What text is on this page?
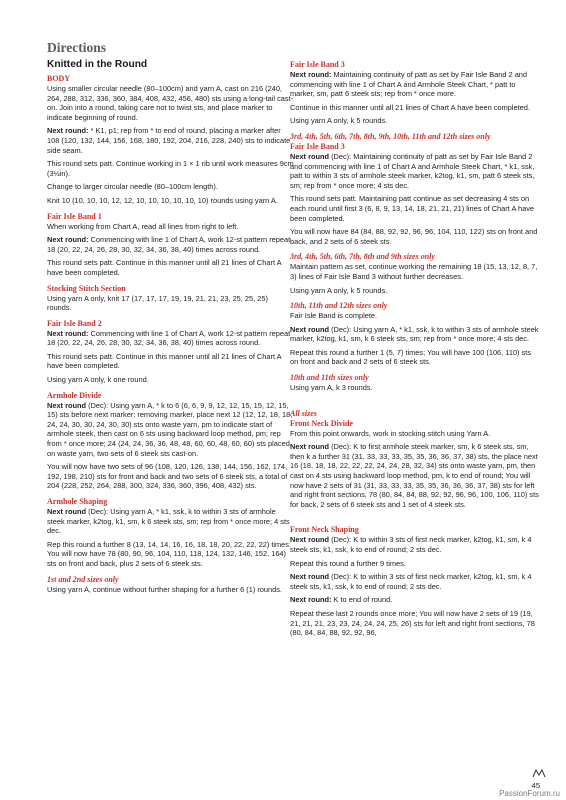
Directions
Knitted in the Round
BODY
Using smaller circular needle (80–100cm) and yarn A, cast on 216 (240, 264, 288, 312, 336, 360, 384, 408, 432, 456, 480) sts using a long-tail cast-on. Join into a round, taking care not to twist sts, and place marker to indicate beginning of round.
Next round: * K1, p1; rep from * to end of round, placing a marker after 108 (120, 132, 144, 156, 168, 180, 192, 204, 216, 228, 240) sts to indicate side seam.
This round sets patt. Continue working in 1 × 1 rib until work measures 9cm (3½in).
Change to larger circular needle (80–100cm length).
Knit 10 (10, 10, 10, 12, 12, 10, 10, 10, 10, 10, 10) rounds using yarn A.
Fair Isle Band 1
When working from Chart A, read all lines from right to left.
Next round: Commencing with line 1 of Chart A, work 12-st pattern repeat 18 (20, 22, 24, 26, 28, 30, 32, 34, 36, 38, 40) times across round.
This round sets patt. Continue in this manner until all 21 lines of Chart A have been completed.
Stocking Stitch Section
Using yarn A only, knit 17 (17, 17, 17, 19, 19, 21, 21, 23, 25, 25, 25) rounds.
Fair Isle Band 2
Next round: Commencing with line 1 of Chart A, work 12-st pattern repeat 18 (20, 22, 24, 26, 28, 30, 32, 34, 36, 38, 40) times across round.
This round sets patt. Continue in this manner until all 21 lines of Chart A have been completed.
Using yarn A only, k one round.
Armhole Divide
Next round (Dec): Using yarn A, * k to 6 (6, 6, 9, 9, 12, 12, 15, 15, 12, 15, 15) sts before next marker; removing marker, place next 12 (12, 12, 18, 18, 24, 24, 30, 30, 24, 30, 30) sts onto waste yarn, pm to indicate start of armhole steek, then cast on 6 sts using backward loop method, pm; rep from * once more; 24 (24, 24, 36, 36, 48, 48, 60, 60, 48, 60, 60) sts placed on waste yarn, two sets of 6 steek sts cast-on.
You will now have two sets of 96 (108, 120, 126, 138, 144, 156, 162, 174, 192, 198, 210) sts for front and back and two sets of 6 steek sts, a total of 204 (228, 252, 264, 288, 300, 324, 336, 360, 396, 408, 432) sts.
Armhole Shaping
Next round (Dec): Using yarn A, * k1, ssk, k to within 3 sts of armhole steek marker, k2tog, k1, sm, k 6 steek sts, sm; rep from * once more; 4 sts dec.
Rep this round a further 8 (13, 14, 14, 16, 16, 18, 18, 20, 22, 22, 22) times. You will now have 78 (80, 90, 96, 104, 110, 118, 124, 132, 146, 152, 164) sts on front and back, plus 2 sets of 6 steek sts.
1st and 2nd sizes only
Using yarn A, continue without further shaping for a further 6 (1) rounds.
Fair Isle Band 3
Next round: Maintaining continuity of patt as set by Fair Isle Band 2 and commencing with line 1 of Chart A and Armhole Steek Chart, * patt to marker, sm, patt 6 steek sts; rep from * once more.
Continue in this manner until all 21 lines of Chart A have been completed.
Using yarn A only, k 5 rounds.
3rd, 4th, 5th, 6th, 7th, 8th, 9th, 10th, 11th and 12th sizes only
Fair Isle Band 3
Next round (Dec): Maintaining continuity of patt as set by Fair Isle Band 2 and commencing with line 1 of Chart A and Armhole Steek Chart, * k1, ssk, patt to within 3 sts of armhole steek marker, k2tog, k1, sm, patt 6 steek sts, sm; rep from * once more; 4 sts dec.
This round sets patt. Maintaining patt continue as set decreasing 4 sts on each round until first 3 (6, 8, 9, 13, 14, 18, 21, 21, 21) lines of Chart A have been completed.
You will now have 84 (84, 88, 92, 92, 96, 96, 104, 110, 122) sts on front and back, and 2 sets of 6 steek sts.
3rd, 4th, 5th, 6th, 7th, 8th and 9th sizes only
Maintain pattern as set, continue working the remaining 18 (15, 13, 12, 8, 7, 3) lines of Fair Isle Band 3 without further decreases.
Using yarn A only, k 5 rounds.
10th, 11th and 12th sizes only
Fair Isle Band is complete.
Next round (Dec): Using yarn A, * k1, ssk, k to within 3 sts of armhole steek marker, k2tog, k1, sm, k 6 steek sts, sm; rep from * once more; 4 sts dec.
Repeat this round a further 1 (5, 7) times; You will have 100 (106, 110) sts on front and back and 2 sets of 6 steek sts.
10th and 11th sizes only
Using yarn A, k 3 rounds.
All sizes
Front Neck Divide
From this point onwards, work in stocking stitch using Yarn A.
Next round (Dec): K to first armhole steek marker, sm, k 6 steek sts, sm, then k a further 31 (31, 33, 33, 33, 35, 35, 36, 36, 37, 38) sts, the place next 16 (18, 18, 18, 22, 22, 22, 24, 24, 28, 32, 34) sts onto waste yarn, pm, then cast on 4 sts using backward loop method, pm, k to end of round; You will now have 2 sets of 31 (31, 33, 33, 33, 35, 35, 36, 36, 36, 37, 38) sts for left and right front sections, 78 (80, 84, 84, 88, 92, 92, 96, 96, 100, 106, 110) sts for back, 2 sets of 6 steek sts and 1 set of 4 steek sts.
Front Neck Shaping
Next round (Dec): K to within 3 sts of first neck marker, k2tog, k1, sm, k 4 steek sts, k1, ssk, k to end of round; 2 sts dec.
Repeat this round a further 9 times.
Next round (Dec): K to within 3 sts of first neck marker, k2tog, k1, sm, k 4 steek sts, k1, ssk, k to end of round; 2 sts dec.
Next round: K to end of round.
Repeat these last 2 rounds once more; You will now have 2 sets of 19 (19, 21, 21, 21, 23, 23, 24, 24, 24, 25, 26) sts for left and right front sections, 78 (80, 84, 84, 88, 92, 92, 96,
45
PassionForum.ru
